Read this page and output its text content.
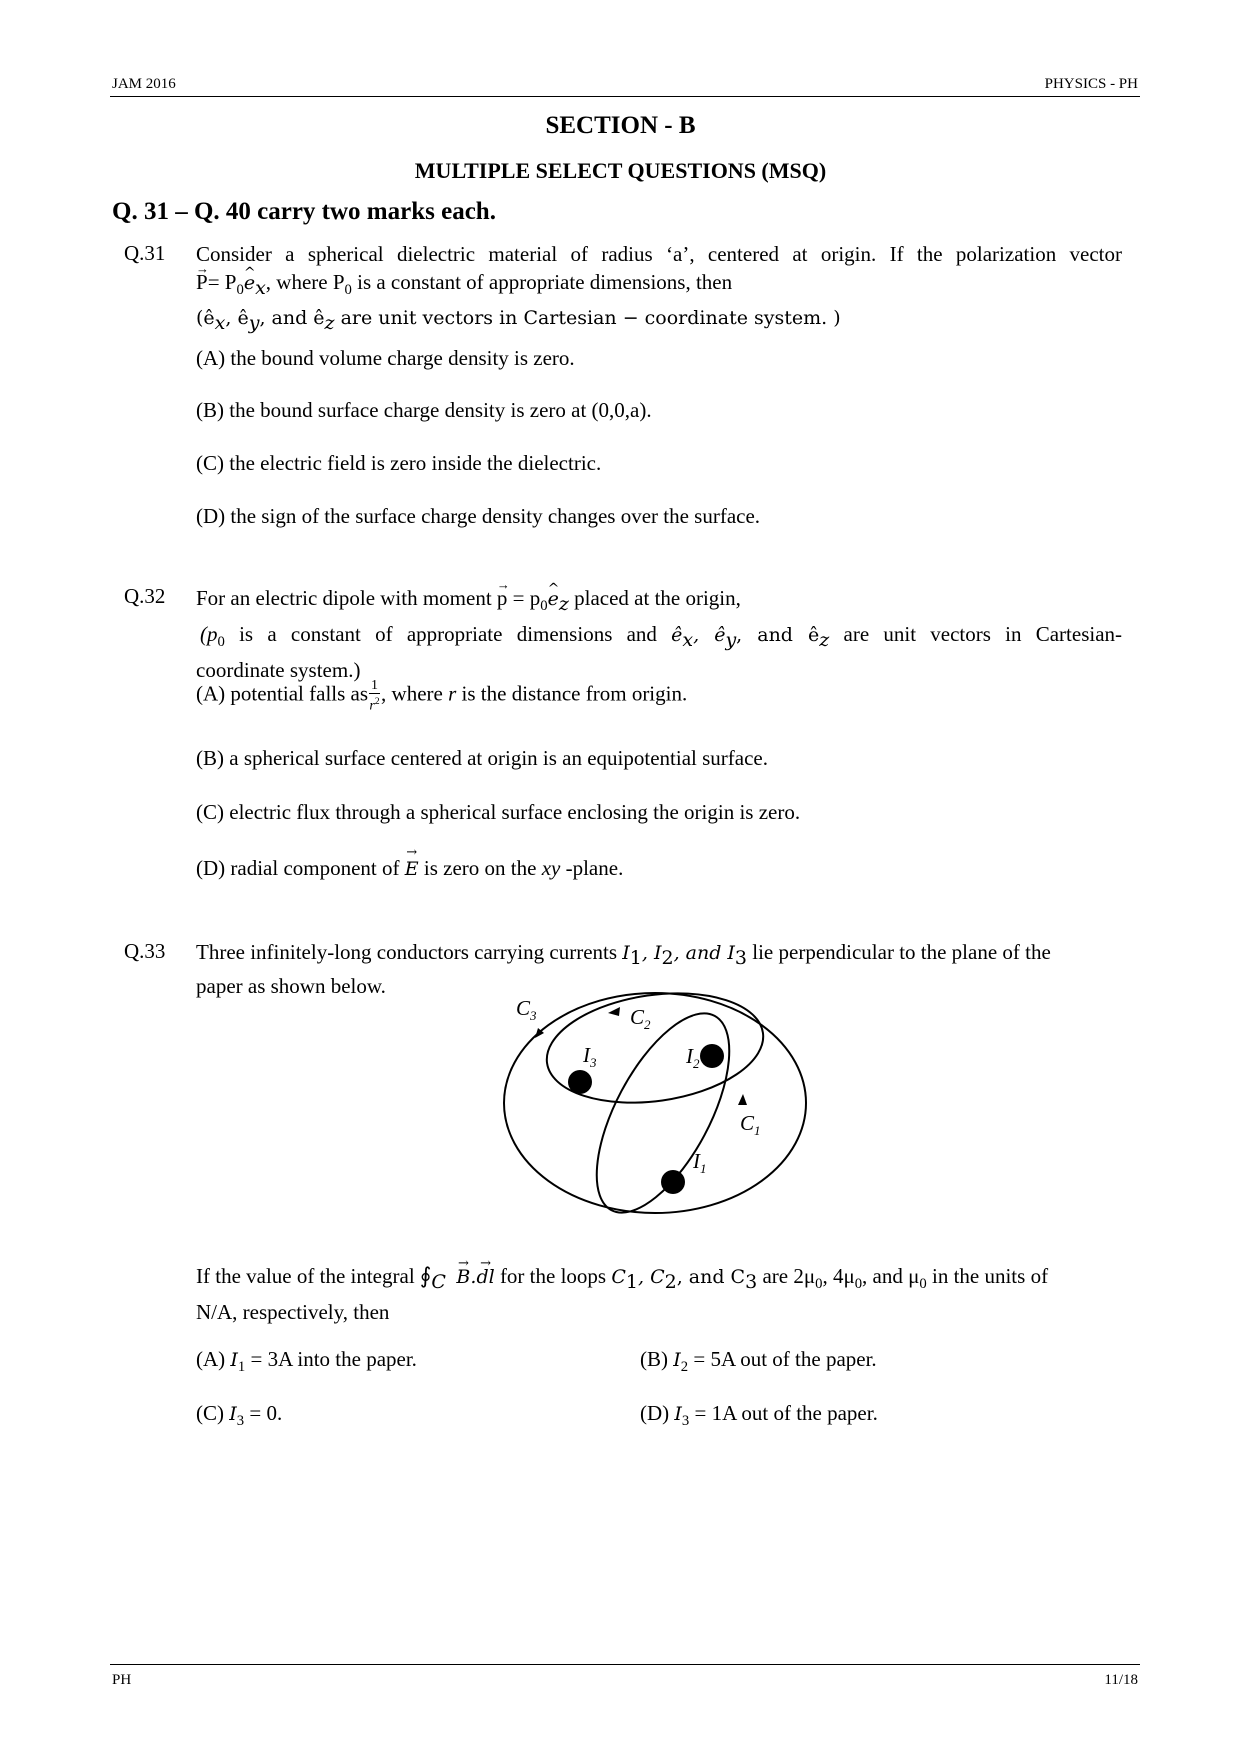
JAM 2016	PHYSICS - PH
SECTION - B
MULTIPLE SELECT QUESTIONS (MSQ)
Q. 31 – Q. 40 carry two marks each.
Q.31 Consider a spherical dielectric material of radius ‘a’, centered at origin. If the polarization vector
→ $P= P_0\^{}$ $e_x$, where $P_0$ is a constant of appropriate dimensions, then
($ê_x$, $ê_y$, and $ê_z$ are unit vectors in Cartesian − coordinate system. )
(A) the bound volume charge density is zero.
(B) the bound surface charge density is zero at (0,0,a).
(C) the electric field is zero inside the dielectric.
(D) the sign of the surface charge density changes over the surface.
Q.32 For an electric dipole with moment → $p = p_0\^{}$ $e_z$ placed at the origin,
($p_0$ is a constant of appropriate dimensions and $ê_x$, $ê_y$, and $ê_z$ are unit vectors in Cartesian-
coordinate system.)
(A) potential falls as $\frac{1}{r^2}$ , where r is the distance from origin.
(B) a spherical surface centered at origin is an equipotential surface.
(C) electric flux through a spherical surface enclosing the origin is zero.
(D) radial component of → E is zero on the xy -plane.
Q.33 Three infinitely-long conductors carrying currents $I_1$, $I_2$, and $I_3$ lie perpendicular to the plane of the
paper as shown below.
$C_3$	$C_2$
$C_1$
$I_3$	$I_2$
$I_1$
If the value of the integral $∮_C \to B.\to$ dl for the loops $C_1$, $C_2$, and $C_3$ are $2\mu_0$, $4\mu_0$, and $\mu_0$ in the units of
N/A, respectively, then
(A) $I_1 = 3A$ into the paper.	(B) $I_2 = 5A$ out of the paper.
(C) $I_3 = 0$.	(D) $I_3 = 1A$ out of the paper.
PH	11/18
